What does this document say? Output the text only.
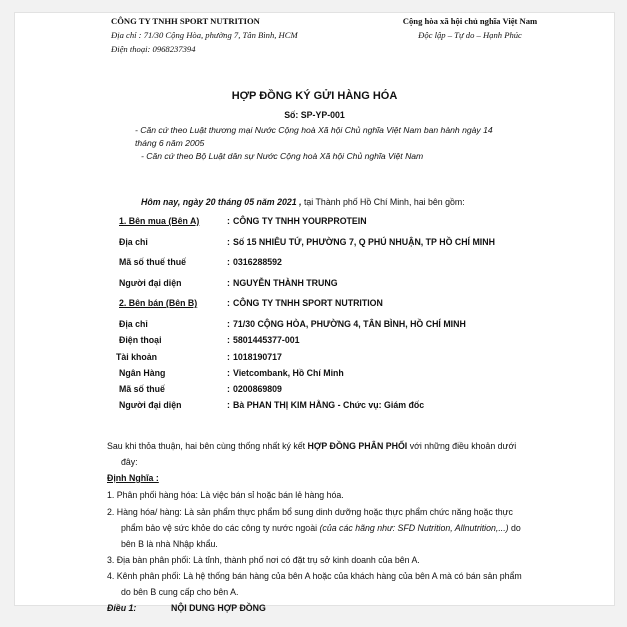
CÔNG TY TNHH SPORT NUTRITION
Địa chỉ : 71/30 Cộng Hòa, phường 7, Tân Bình, HCM
Điện thoại: 0968237394
Cộng hòa xã hội chủ nghĩa Việt Nam
Độc lập – Tự do – Hạnh Phúc
HỢP ĐỒNG KÝ GỬI HÀNG HÓA
Số: SP-YP-001
- Căn cứ theo Luật thương mại Nước Cộng hoà Xã hội Chủ nghĩa Việt Nam ban hành ngày 14
tháng 6 năm 2005
- Căn cứ theo Bộ Luật dân sự Nước Cộng hoà Xã hội Chủ nghĩa Việt Nam
Hôm nay, ngày 20 tháng 05 năm 2021 , tại Thành phố Hồ Chí Minh, hai bên gồm:
1. Bên mua (Bên A)	: CÔNG TY TNHH YOURPROTEIN
Địa chỉ	: Số 15 NHIÊU TỨ, PHƯỜNG 7, Q PHÚ NHUẬN, TP HỒ CHÍ MINH
Mã số thuế thuế	: 0316288592
Người đại diện	: NGUYỄN THÀNH TRUNG
2. Bên bán (Bên B)	: CÔNG TY TNHH SPORT NUTRITION
Địa chỉ	: 71/30 CỘNG HÒA, PHƯỜNG 4, TÂN BÌNH, HỒ CHÍ MINH
Điện thoại	: 5801445377-001
Tài khoản	: 1018190717
Ngân Hàng	: Vietcombank, Hồ Chí Minh
Mã số thuế	: 0200869809
Người đại diện	: Bà PHAN THỊ KIM HẰNG - Chức vụ: Giám đốc
Sau khi thỏa thuận, hai bên cùng thống nhất ký kết HỢP ĐỒNG PHÂN PHỐI với những điều khoản dưới
đây:
Định Nghĩa :
1. Phân phối hàng hóa: Là việc bán sỉ hoặc bán lẻ hàng hóa.
2. Hàng hóa/ hàng: Là sản phẩm thực phẩm bổ sung dinh dưỡng hoặc thực phẩm chức năng hoặc thực
phẩm bảo vệ sức khỏe do các công ty nước ngoài (của các hãng như: SFD Nutrition, Allnutrition,...) do
bên B là nhà Nhập khẩu.
3. Địa bàn phân phối: Là tỉnh, thành phố nơi có đặt trụ sở kinh doanh của bên A.
4. Kênh phân phối: Là hệ thống bán hàng của bên A hoặc của khách hàng của bên A mà có bán sản phẩm
do bên B cung cấp cho bên A.
Điều 1:	NỘI DUNG HỢP ĐỒNG
